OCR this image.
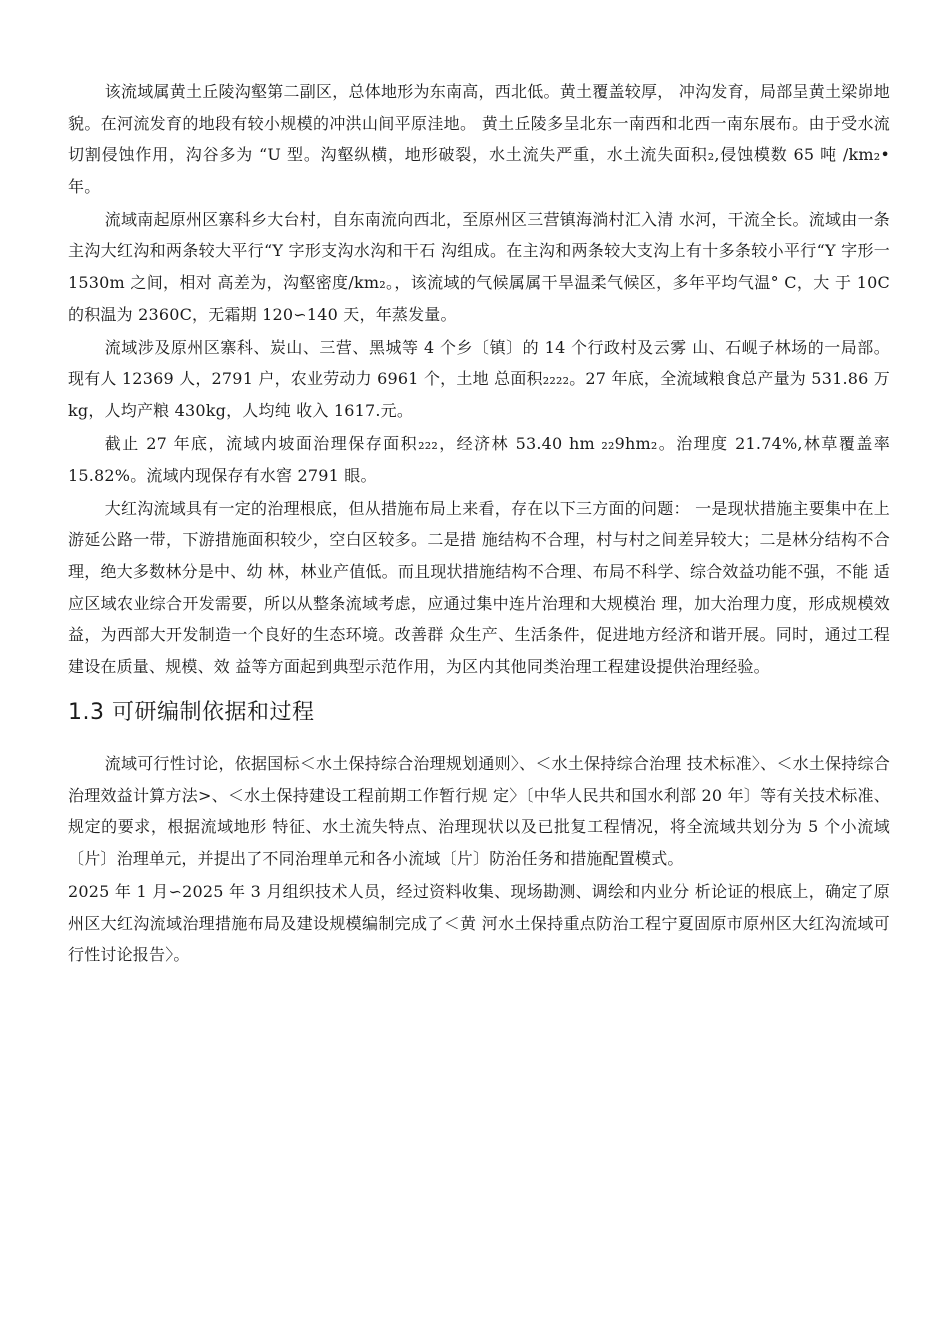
该流域属黄土丘陵沟壑第二副区，总体地形为东南高，西北低。黄土覆盖较厚， 冲沟发育，局部呈黄土梁峁地貌。在河流发育的地段有较小规模的冲洪山间平原洼地。 黄土丘陵多呈北东一南西和北西一南东展布。由于受水流切割侵蚀作用，沟谷多为 “U 型。沟壑纵横，地形破裂，水土流失严重，水土流失面积₂,侵蚀模数 65 吨 /km₂•年。

流域南起原州区寨科乡大台村，自东南流向西北，至原州区三营镇海淌村汇入清 水河，干流全长。流域由一条主沟大红沟和两条较大平行“Y 字形支沟水沟和干石 沟组成。在主沟和两条较大支沟上有十多条较小平行“Y 字形一 1530m 之间，相对 高差为，沟壑密度/km₂。，该流域的气候属属干旱温柔气候区，多年平均气温° C，大 于 10C 的积温为 2360C，无霜期 120∽140 天，年蒸发量。

流域涉及原州区寨科、炭山、三营、黑城等 4 个乡〔镇〕的 14 个行政村及云雾 山、石岘子林场的一局部。现有人 12369 人，2791 户，农业劳动力 6961 个，土地 总面积₂₂₂₂。27 年底，全流域粮食总产量为 531.86 万 kg，人均产粮 430kg，人均纯 收入 1617.元。

截止 27 年底，流域内坡面治理保存面积₂₂₂，经济林 53.40 hm ₂₂9hm₂。治理度 21.74%,林草覆盖率 15.82%。流域内现保存有水窖 2791 眼。

大红沟流域具有一定的治理根底，但从措施布局上来看，存在以下三方面的问题： 一是现状措施主要集中在上游延公路一带，下游措施面积较少，空白区较多。二是措 施结构不合理，村与村之间差异较大；二是林分结构不合理，绝大多数林分是中、幼 林，林业产值低。而且现状措施结构不合理、布局不科学、综合效益功能不强，不能 适应区域农业综合开发需要，所以从整条流域考虑，应通过集中连片治理和大规模治 理，加大治理力度，形成规模效益，为西部大开发制造一个良好的生态环境。改善群 众生产、生活条件，促进地方经济和谐开展。同时，通过工程建设在质量、规模、效 益等方面起到典型示范作用，为区内其他同类治理工程建设提供治理经验。

1.3 可研编制依据和过程

流域可行性讨论，依据国标＜水土保持综合治理规划通则〉、＜水土保持综合治理 技术标准〉、＜水土保持综合治理效益计算方法>、＜水土保持建设工程前期工作暂行规 定〉〔中华人民共和国水利部 20 年〕等有关技术标准、规定的要求，根据流域地形 特征、水土流失特点、治理现状以及已批复工程情况，将全流域共划分为 5 个小流域 〔片〕治理单元，并提出了不同治理单元和各小流域〔片〕防治任务和措施配置模式。

2025 年 1 月∽2025 年 3 月组织技术人员，经过资料收集、现场勘测、调绘和内业分 析论证的根底上，确定了原州区大红沟流域治理措施布局及建设规模编制完成了＜黄 河水土保持重点防治工程宁夏固原市原州区大红沟流域可行性讨论报告〉。
